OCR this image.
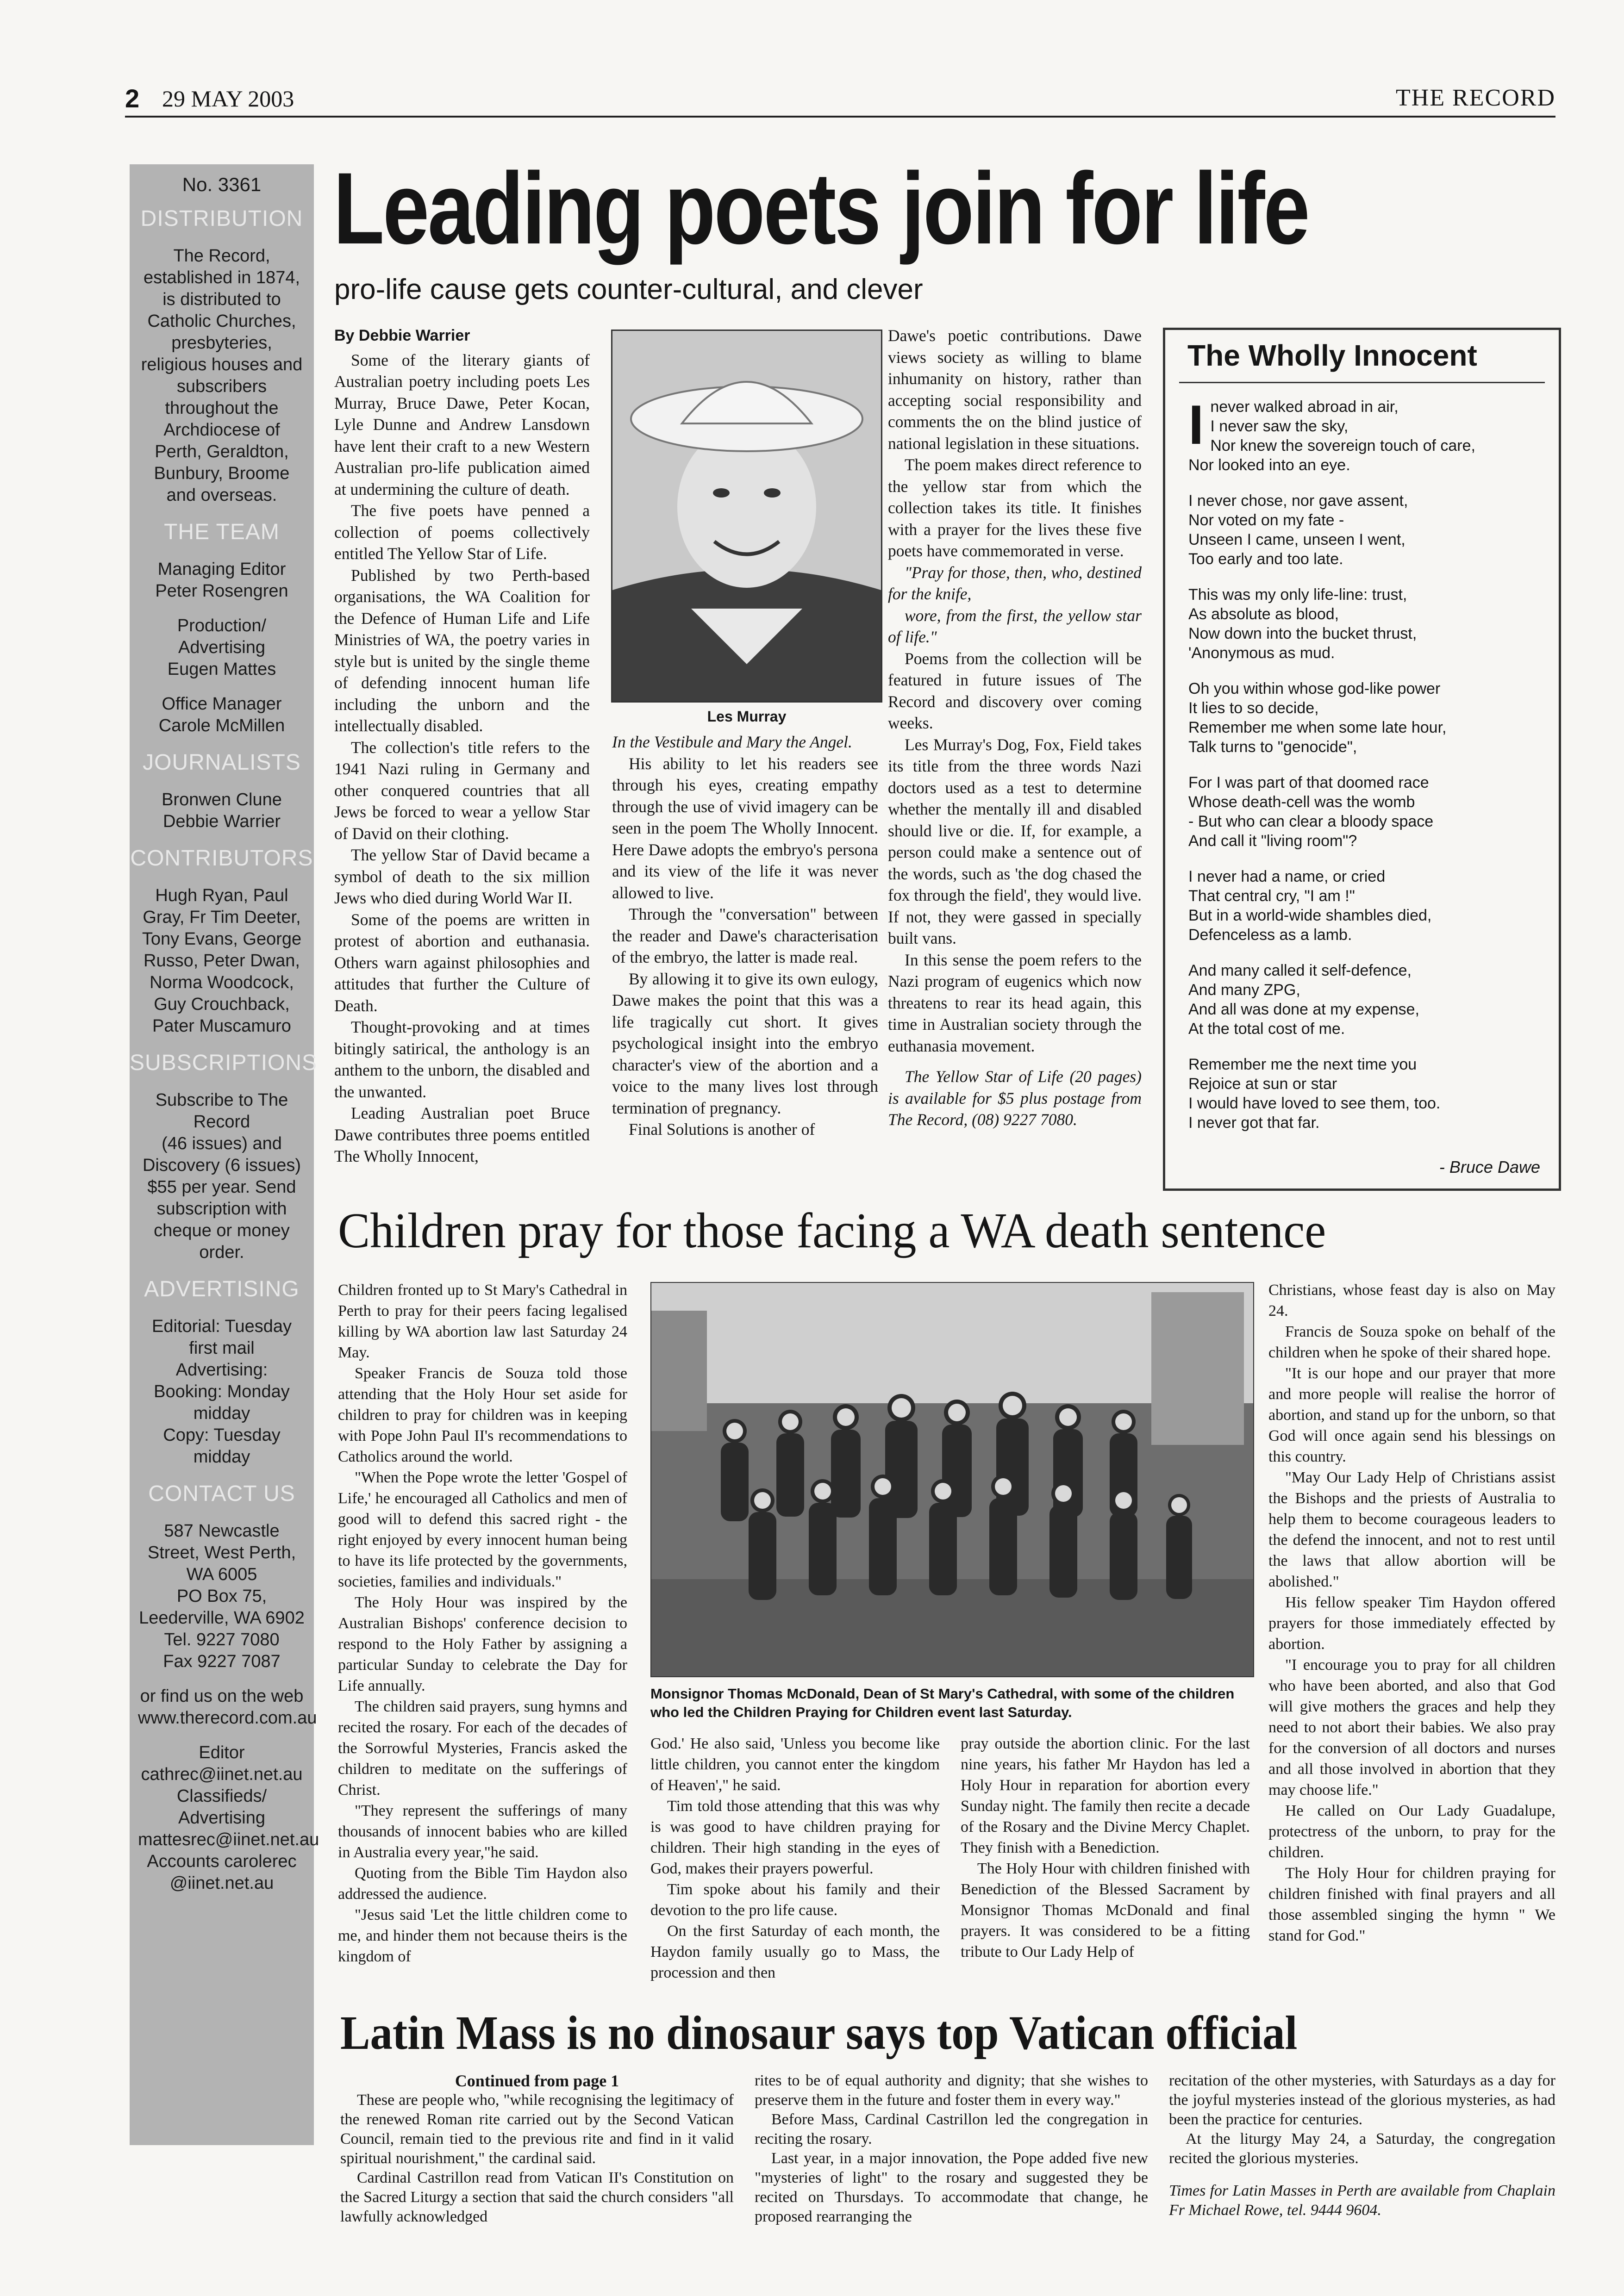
2 29 MAY 2003	THE RECORD
No. 3361
DISTRIBUTION
The Record, established in 1874, is distributed to Catholic Churches, presbyteries, religious houses and subscribers throughout the Archdiocese of Perth, Geraldton, Bunbury, Broome and overseas.
THE TEAM
Managing Editor
Peter Rosengren
Production/
Advertising
Eugen Mattes
Office Manager
Carole McMillen
JOURNALISTS
Bronwen Clune
Debbie Warrier
CONTRIBUTORS
Hugh Ryan, Paul Gray, Fr Tim Deeter, Tony Evans, George Russo, Peter Dwan, Norma Woodcock, Guy Crouchback, Pater Muscamuro
SUBSCRIPTIONS
Subscribe to The Record
(46 issues) and Discovery (6 issues) $55 per year. Send subscription with cheque or money order.
ADVERTISING
Editorial: Tuesday first mail
Advertising:
Booking: Monday midday
Copy: Tuesday midday
CONTACT US
587 Newcastle Street, West Perth, WA 6005
PO Box 75, Leederville, WA 6902
Tel. 9227 7080
Fax 9227 7087
or find us on the web www.therecord.com.au
Editor
cathrec@iinet.net.au
Classifieds/
Advertising
mattesrec@iinet.net.au
Accounts carolerec
@iinet.net.au
Leading poets join for life
pro-life cause gets counter-cultural, and clever
By Debbie Warrier

Some of the literary giants of Australian poetry including poets Les Murray, Bruce Dawe, Peter Kocan, Lyle Dunne and Andrew Lansdown have lent their craft to a new Western Australian pro-life publication aimed at undermining the culture of death.

The five poets have penned a collection of poems collectively entitled The Yellow Star of Life.

Published by two Perth-based organisations, the WA Coalition for the Defence of Human Life and Life Ministries of WA, the poetry varies in style but is united by the single theme of defending innocent human life including the unborn and the intellectually disabled.

The collection's title refers to the 1941 Nazi ruling in Germany and other conquered countries that all Jews be forced to wear a yellow Star of David on their clothing.

The yellow Star of David became a symbol of death to the six million Jews who died during World War II.

Some of the poems are written in protest of abortion and euthanasia. Others warn against philosophies and attitudes that further the Culture of Death.

Thought-provoking and at times bitingly satirical, the anthology is an anthem to the unborn, the disabled and the unwanted.

Leading Australian poet Bruce Dawe contributes three poems entitled The Wholly Innocent,

Les Murray

In the Vestibule and Mary the Angel.

His ability to let his readers see through his eyes, creating empathy through the use of vivid imagery can be seen in the poem The Wholly Innocent. Here Dawe adopts the embryo's persona and its view of the life it was never allowed to live.

Through the "conversation" between the reader and Dawe's characterisation of the embryo, the latter is made real.

By allowing it to give its own eulogy, Dawe makes the point that this was a life tragically cut short. It gives psychological insight into the embryo character's view of the abortion and a voice to the many lives lost through termination of pregnancy.

Final Solutions is another of

Dawe's poetic contributions. Dawe views society as willing to blame inhumanity on history, rather than accepting social responsibility and comments the on the blind justice of national legislation in these situations.

The poem makes direct reference to the yellow star from which the collection takes its title. It finishes with a prayer for the lives these five poets have commemorated in verse.

"Pray for those, then, who, destined for the knife,

wore, from the first, the yellow star of life."

Poems from the collection will be featured in future issues of The Record and discovery over coming weeks.

Les Murray's Dog, Fox, Field takes its title from the three words Nazi doctors used as a test to determine whether the mentally ill and disabled should live or die. If, for example, a person could make a sentence out of the words, such as 'the dog chased the fox through the field', they would live. If not, they were gassed in specially built vans.

In this sense the poem refers to the Nazi program of eugenics which now threatens to rear its head again, this time in Australian society through the euthanasia movement.

The Yellow Star of Life (20 pages) is available for $5 plus postage from The Record, (08) 9227 7080.

The Wholly Innocent
Inever walked abroad in air,
I never saw the sky,
Nor knew the sovereign touch of care,
Nor looked into an eye.
I never chose, nor gave assent,
Nor voted on my fate -
Unseen I came, unseen I went,
Too early and too late.
This was my only life-line: trust,
As absolute as blood,
Now down into the bucket thrust,
'Anonymous as mud.
Oh you within whose god-like power
It lies to so decide,
Remember me when some late hour,
Talk turns to "genocide",
For I was part of that doomed race
Whose death-cell was the womb
- But who can clear a bloody space
And call it "living room"?
I never had a name, or cried
That central cry, "I am !"
But in a world-wide shambles died,
Defenceless as a lamb.
And many called it self-defence,
And many ZPG,
And all was done at my expense,
At the total cost of me.
Remember me the next time you
Rejoice at sun or star
I would have loved to see them, too.
I never got that far.
- Bruce Dawe
Children pray for those facing a WA death sentence

Children fronted up to St Mary's Cathedral in Perth to pray for their peers facing legalised killing by WA abortion law last Saturday 24 May.

Speaker Francis de Souza told those attending that the Holy Hour set aside for children to pray for children was in keeping with Pope John Paul II's recommendations to Catholics around the world.

"When the Pope wrote the letter 'Gospel of Life,' he encouraged all Catholics and men of good will to defend this sacred right - the right enjoyed by every innocent human being to have its life protected by the governments, societies, families and individuals."

The Holy Hour was inspired by the Australian Bishops' conference decision to respond to the Holy Father by assigning a particular Sunday to celebrate the Day for Life annually.

The children said prayers, sung hymns and recited the rosary. For each of the decades of the Sorrowful Mysteries, Francis asked the children to meditate on the sufferings of Christ.

"They represent the sufferings of many thousands of innocent babies who are killed in Australia every year,"he said.

Quoting from the Bible Tim Haydon also addressed the audience.

"Jesus said 'Let the little children come to me, and hinder them not because theirs is the kingdom of

Monsignor Thomas McDonald, Dean of St Mary's Cathedral, with some of the children who led the Children Praying for Children event last Saturday.

God.' He also said, 'Unless you become like little children, you cannot enter the kingdom of Heaven'," he said.

Tim told those attending that this was why is was good to have children praying for children. Their high standing in the eyes of God, makes their prayers powerful.

Tim spoke about his family and their devotion to the pro life cause.

On the first Saturday of each month, the Haydon family usually go to Mass, the procession and then

pray outside the abortion clinic. For the last nine years, his father Mr Haydon has led a Holy Hour in reparation for abortion every Sunday night. The family then recite a decade of the Rosary and the Divine Mercy Chaplet. They finish with a Benediction.

The Holy Hour with children finished with Benediction of the Blessed Sacrament by Monsignor Thomas McDonald and final prayers. It was considered to be a fitting tribute to Our Lady Help of

Christians, whose feast day is also on May 24.

Francis de Souza spoke on behalf of the children when he spoke of their shared hope.

"It is our hope and our prayer that more and more people will realise the horror of abortion, and stand up for the unborn, so that God will once again send his blessings on this country.

"May Our Lady Help of Christians assist the Bishops and the priests of Australia to help them to become courageous leaders to the defend the innocent, and not to rest until the laws that allow abortion will be abolished."

His fellow speaker Tim Haydon offered prayers for those immediately effected by abortion.

"I encourage you to pray for all children who have been aborted, and also that God will give mothers the graces and help they need to not abort their babies. We also pray for the conversion of all doctors and nurses and all those involved in abortion that they may choose life."

He called on Our Lady Guadalupe, protectress of the unborn, to pray for the children.

The Holy Hour for children praying for children finished with final prayers and all those assembled singing the hymn " We stand for God."

Latin Mass is no dinosaur says top Vatican official
Continued from page 1

These are people who, "while recognising the legitimacy of the renewed Roman rite carried out by the Second Vatican Council, remain tied to the previous rite and find in it valid spiritual nourishment," the cardinal said.

Cardinal Castrillon read from Vatican II's Constitution on the Sacred Liturgy a section that said the church considers "all lawfully acknowledged

rites to be of equal authority and dignity; that she wishes to preserve them in the future and foster them in every way."

Before Mass, Cardinal Castrillon led the congregation in reciting the rosary.

Last year, in a major innovation, the Pope added five new "mysteries of light" to the rosary and suggested they be recited on Thursdays. To accommodate that change, he proposed rearranging the

recitation of the other mysteries, with Saturdays as a day for the joyful mysteries instead of the glorious mysteries, as had been the practice for centuries.

At the liturgy May 24, a Saturday, the congregation recited the glorious mysteries.

Times for Latin Masses in Perth are available from Chaplain Fr Michael Rowe, tel. 9444 9604.
